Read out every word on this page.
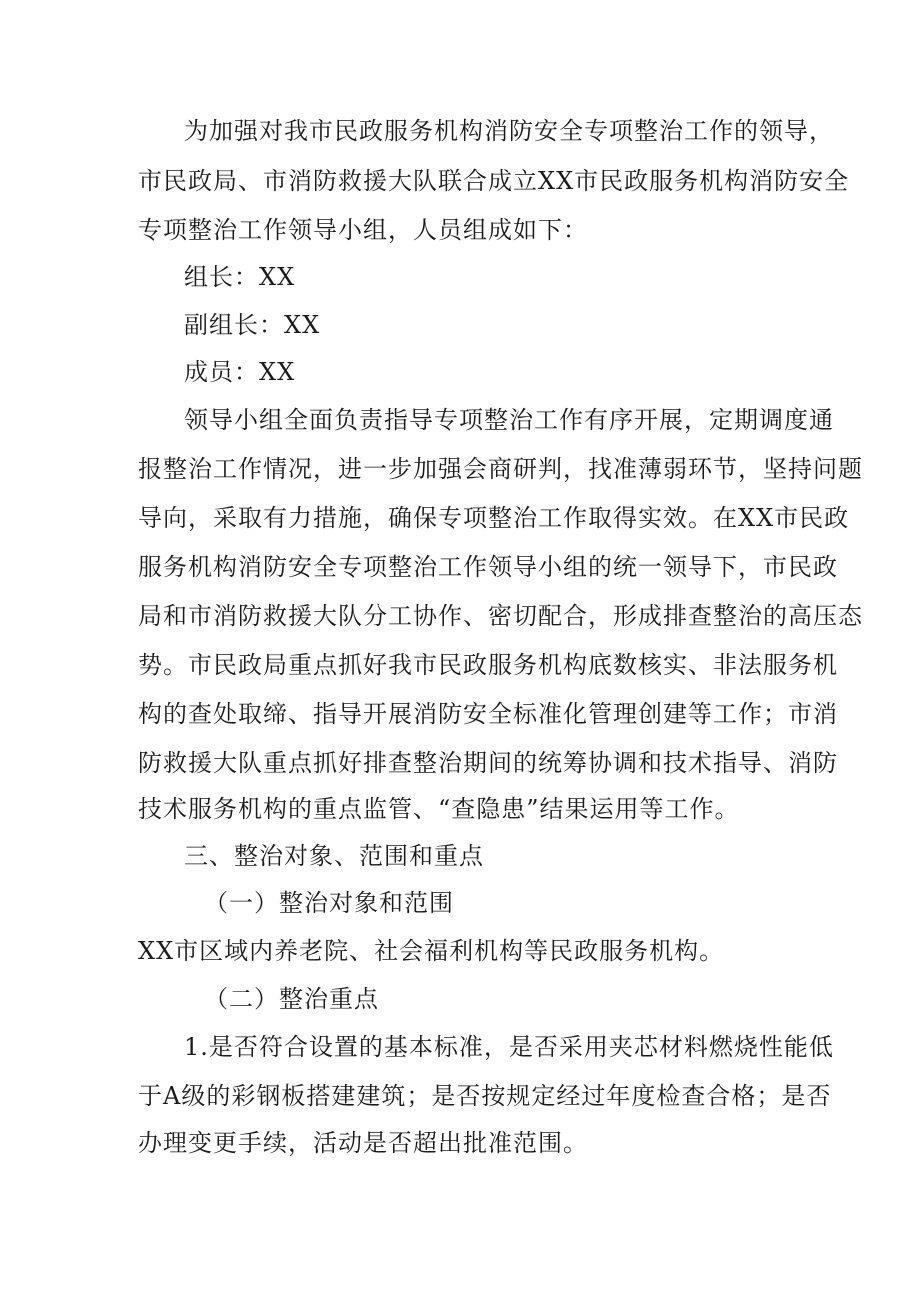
为加强对我市民政服务机构消防安全专项整治工作的领导，
市民政局、市消防救援大队联合成立XX市民政服务机构消防安全
专项整治工作领导小组，人员组成如下：
组长：XX
副组长：XX
成员：XX
领导小组全面负责指导专项整治工作有序开展，定期调度通
报整治工作情况，进一步加强会商研判，找准薄弱环节，坚持问题
导向，采取有力措施，确保专项整治工作取得实效。在XX市民政
服务机构消防安全专项整治工作领导小组的统一领导下，市民政
局和市消防救援大队分工协作、密切配合，形成排查整治的高压态
势。市民政局重点抓好我市民政服务机构底数核实、非法服务机
构的查处取缔、指导开展消防安全标准化管理创建等工作；市消
防救援大队重点抓好排查整治期间的统筹协调和技术指导、消防
技术服务机构的重点监管、“查隐患”结果运用等工作。
三、整治对象、范围和重点
（一）整治对象和范围
XX市区域内养老院、社会福利机构等民政服务机构。
（二）整治重点
1.是否符合设置的基本标准，是否采用夹芯材料燃烧性能低
于A级的彩钢板搭建建筑；是否按规定经过年度检查合格；是否
办理变更手续，活动是否超出批准范围。
